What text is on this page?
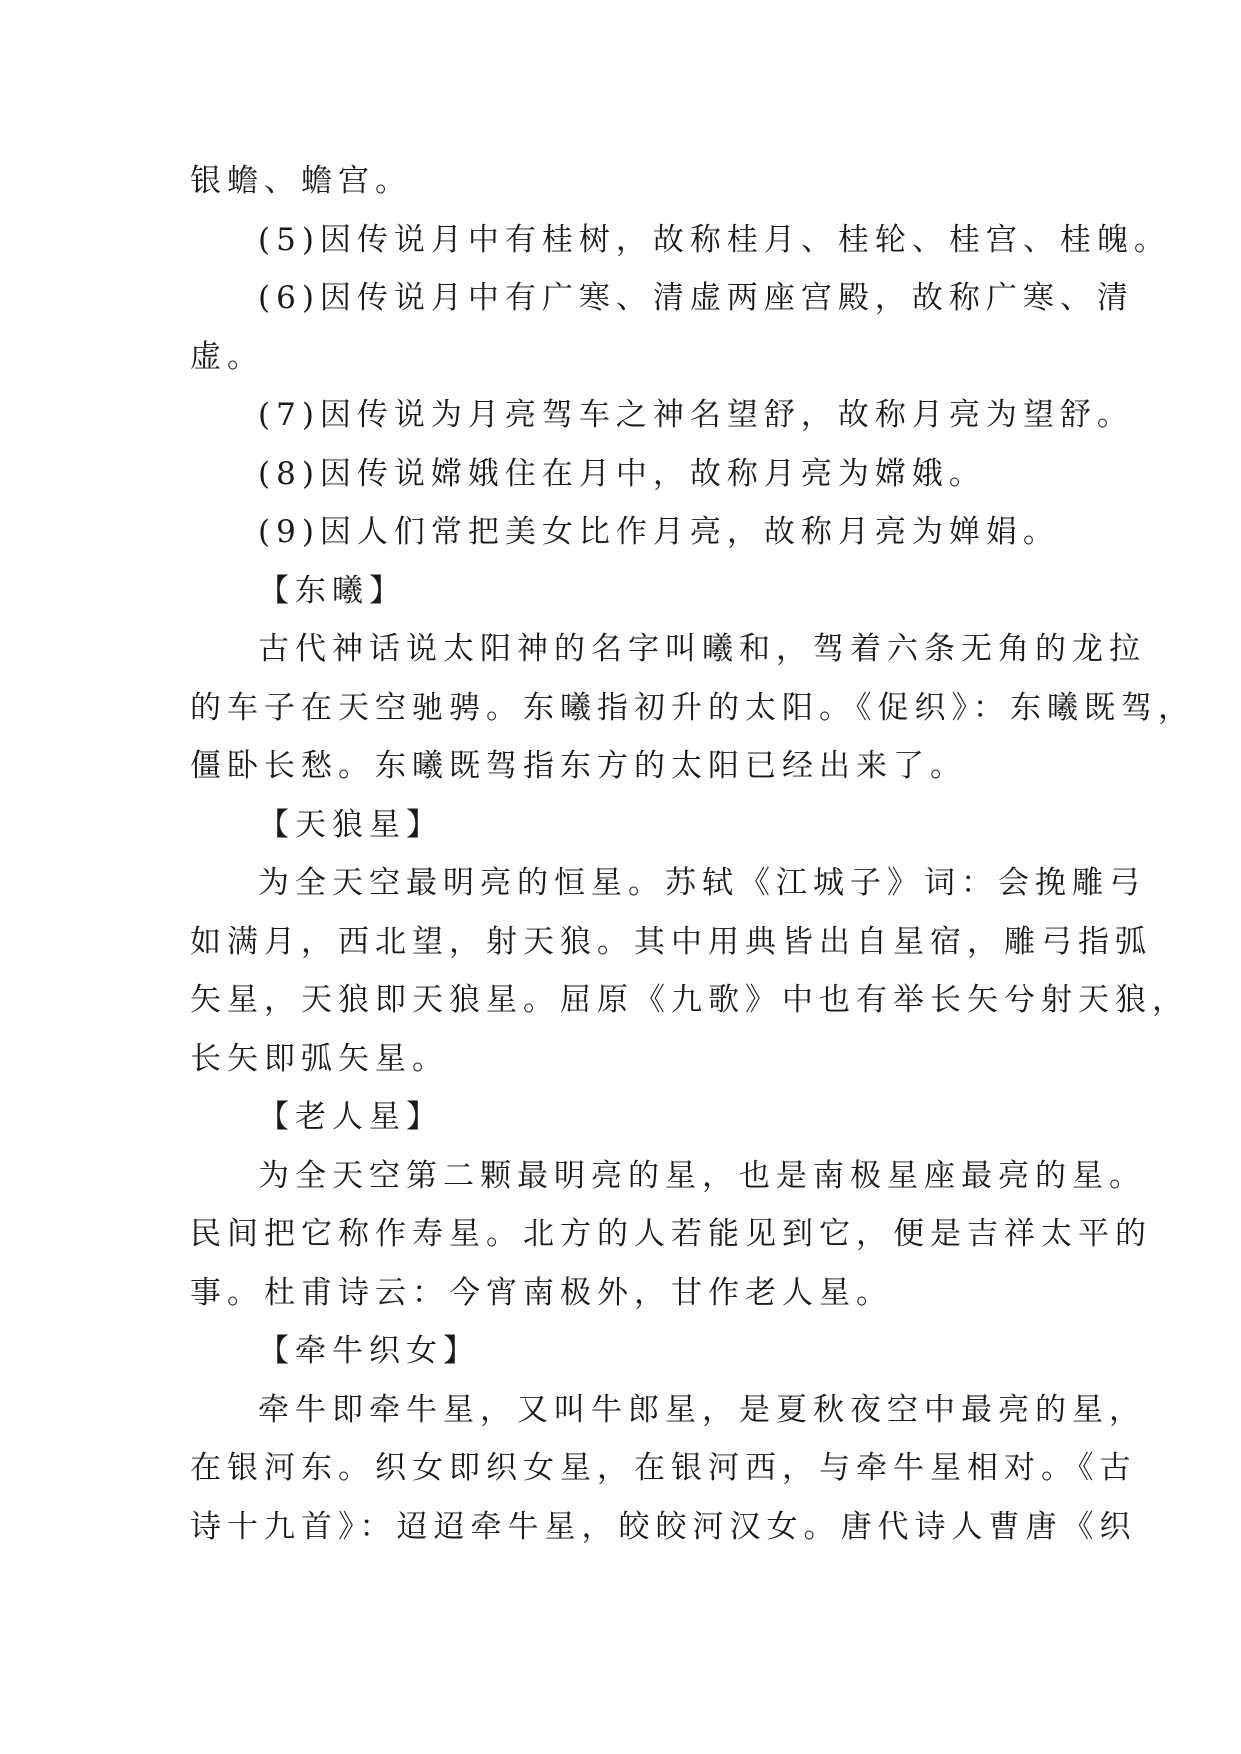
银蟾、蟾宫。
(5)因传说月中有桂树，故称桂月、桂轮、桂宫、桂魄。
(6)因传说月中有广寒、清虚两座宫殿，故称广寒、清
虚。
(7)因传说为月亮驾车之神名望舒，故称月亮为望舒。
(8)因传说嫦娥住在月中，故称月亮为嫦娥。
(9)因人们常把美女比作月亮，故称月亮为婵娟。
【东曦】
古代神话说太阳神的名字叫曦和，驾着六条无角的龙拉
的车子在天空驰骋。东曦指初升的太阳。《促织》：东曦既驾，
僵卧长愁。东曦既驾指东方的太阳已经出来了。
【天狼星】
为全天空最明亮的恒星。苏轼《江城子》词：会挽雕弓
如满月，西北望，射天狼。其中用典皆出自星宿，雕弓指弧
矢星，天狼即天狼星。屈原《九歌》中也有举长矢兮射天狼，
长矢即弧矢星。
【老人星】
为全天空第二颗最明亮的星，也是南极星座最亮的星。
民间把它称作寿星。北方的人若能见到它，便是吉祥太平的
事。杜甫诗云：今宵南极外，甘作老人星。
【牵牛织女】
牵牛即牵牛星，又叫牛郎星，是夏秋夜空中最亮的星，
在银河东。织女即织女星，在银河西，与牵牛星相对。《古
诗十九首》：迢迢牵牛星，皎皎河汉女。唐代诗人曹唐《织
